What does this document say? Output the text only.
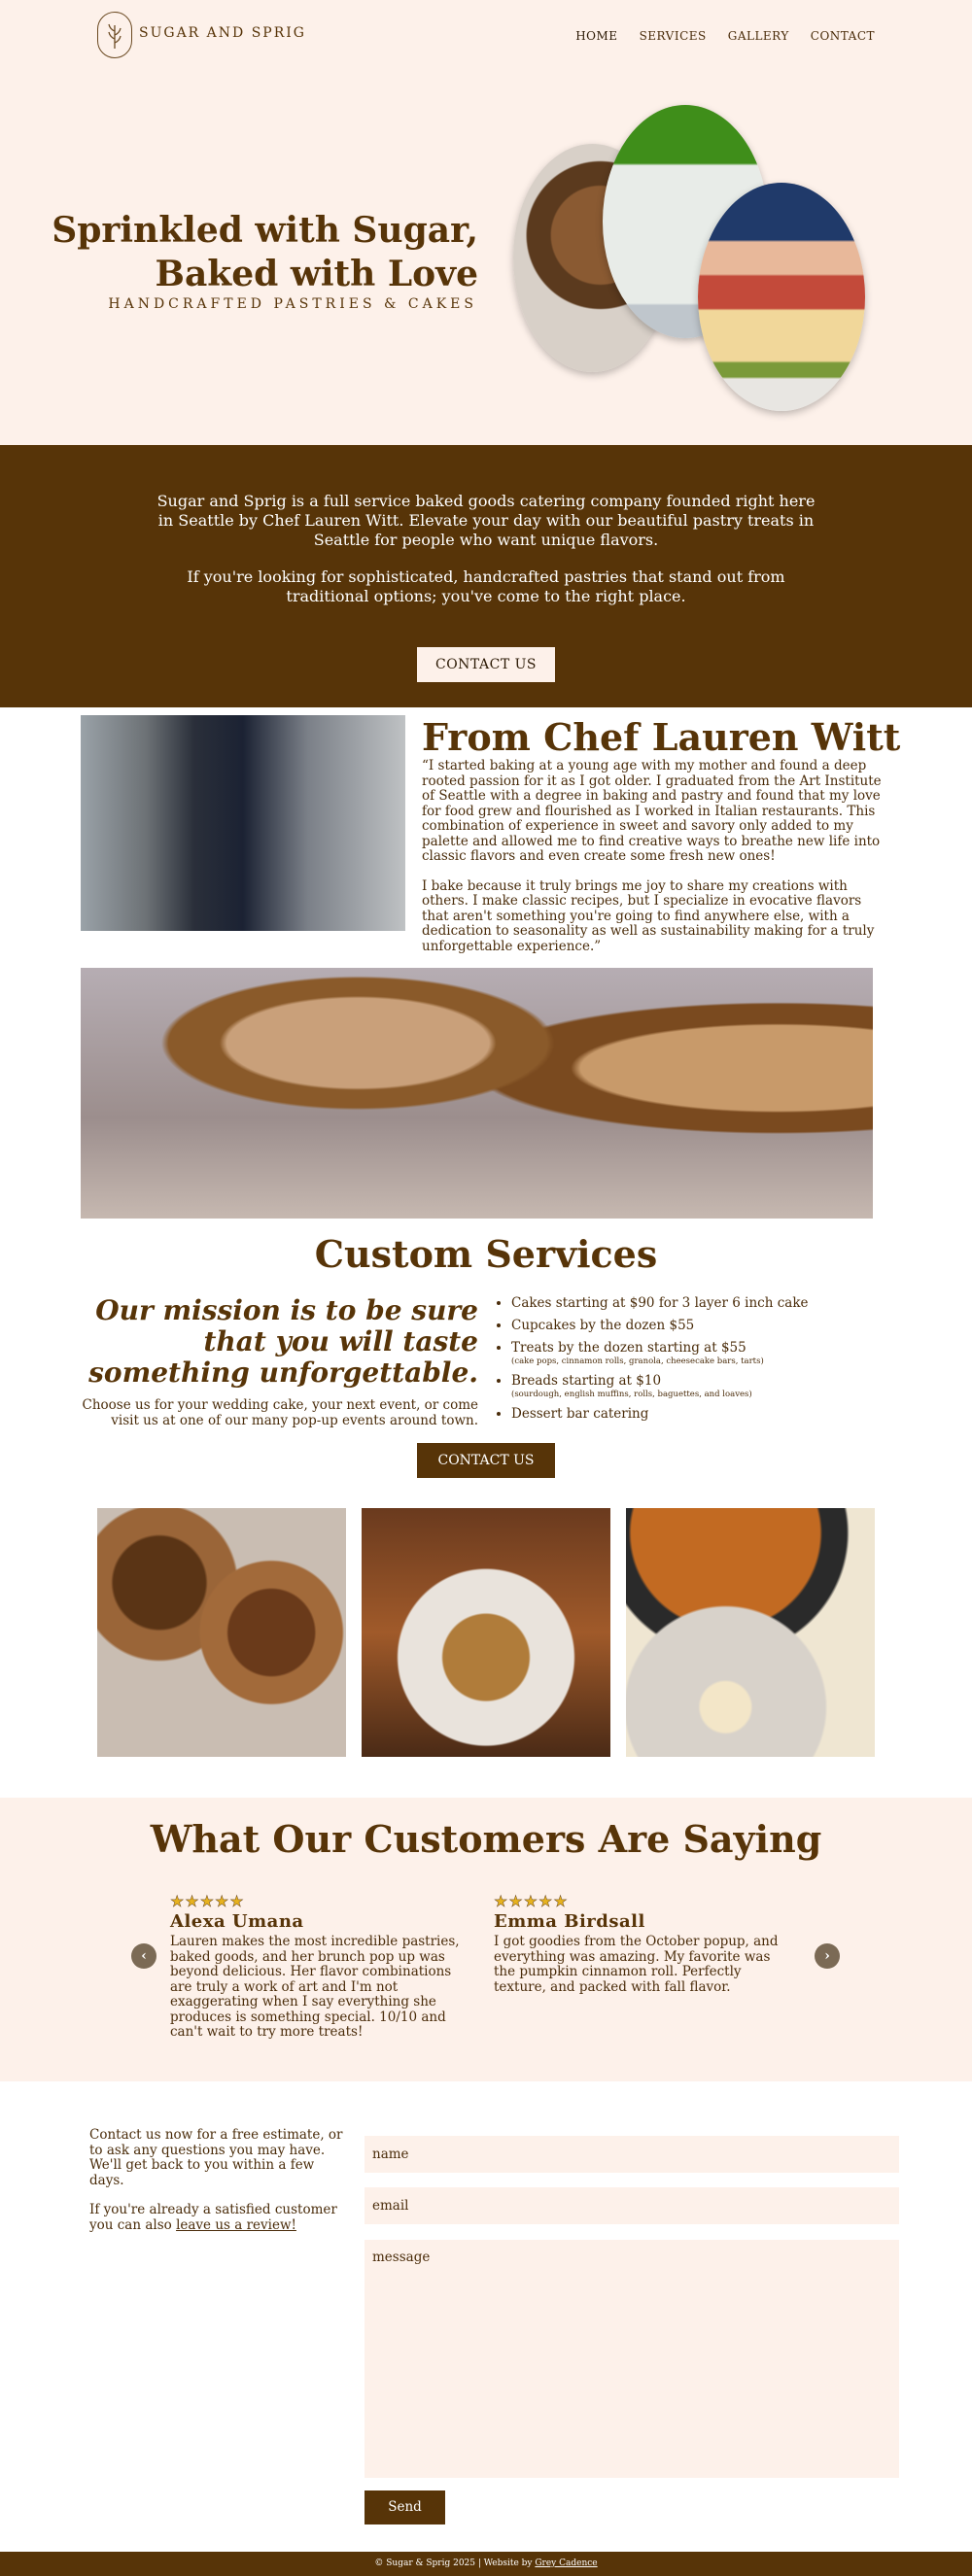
SUGAR AND SPRIG	HOME SERVICES GALLERY CONTACT
Sprinkled with Sugar,
Baked with Love
HANDCRAFTED PASTRIES & CAKES

Sugar and Sprig is a full service baked goods catering company founded right here in Seattle by Chef Lauren Witt. Elevate your day with our beautiful pastry treats in Seattle for people who want unique flavors.

If you're looking for sophisticated, handcrafted pastries that stand out from traditional options; you've come to the right place.

CONTACT US
From Chef Lauren Witt

“I started baking at a young age with my mother and found a deep rooted passion for it as I got older. I graduated from the Art Institute of Seattle with a degree in baking and pastry and found that my love for food grew and flourished as I worked in Italian restaurants. This combination of experience in sweet and savory only added to my palette and allowed me to find creative ways to breathe new life into classic flavors and even create some fresh new ones!

I bake because it truly brings me joy to share my creations with others. I make classic recipes, but I specialize in evocative flavors that aren't something you're going to find anywhere else, with a dedication to seasonality as well as sustainability making for a truly unforgettable experience.”

Custom Services
Our mission is to be sure that you will taste something unforgettable.
Choose us for your wedding cake, your next event, or come visit us at one of our many pop-up events around town.
• Cakes starting at $90 for 3 layer 6 inch cake
• Cupcakes by the dozen $55
• Treats by the dozen starting at $55
(cake pops, cinnamon rolls, granola, cheesecake bars, tarts)
• Breads starting at $10
(sourdough, english muffins, rolls, baguettes, and loaves)
• Dessert bar catering
CONTACT US
What Our Customers Are Saying
‹
★★★★★
Alexa Umana

Lauren makes the most incredible pastries, baked goods, and her brunch pop up was beyond delicious. Her flavor combinations are truly a work of art and I'm not exaggerating when I say everything she produces is something special. 10/10 and can't wait to try more treats!

★★★★★
Emma Birdsall

I got goodies from the October popup, and everything was amazing. My favorite was the pumpkin cinnamon roll. Perfectly texture, and packed with fall flavor.

›

Contact us now for a free estimate, or to ask any questions you may have. We'll get back to you within a few days.

If you're already a satisfied customer you can also leave us a review!

name
email
message
Send
© Sugar & Sprig 2025 | Website by Grey Cadence
